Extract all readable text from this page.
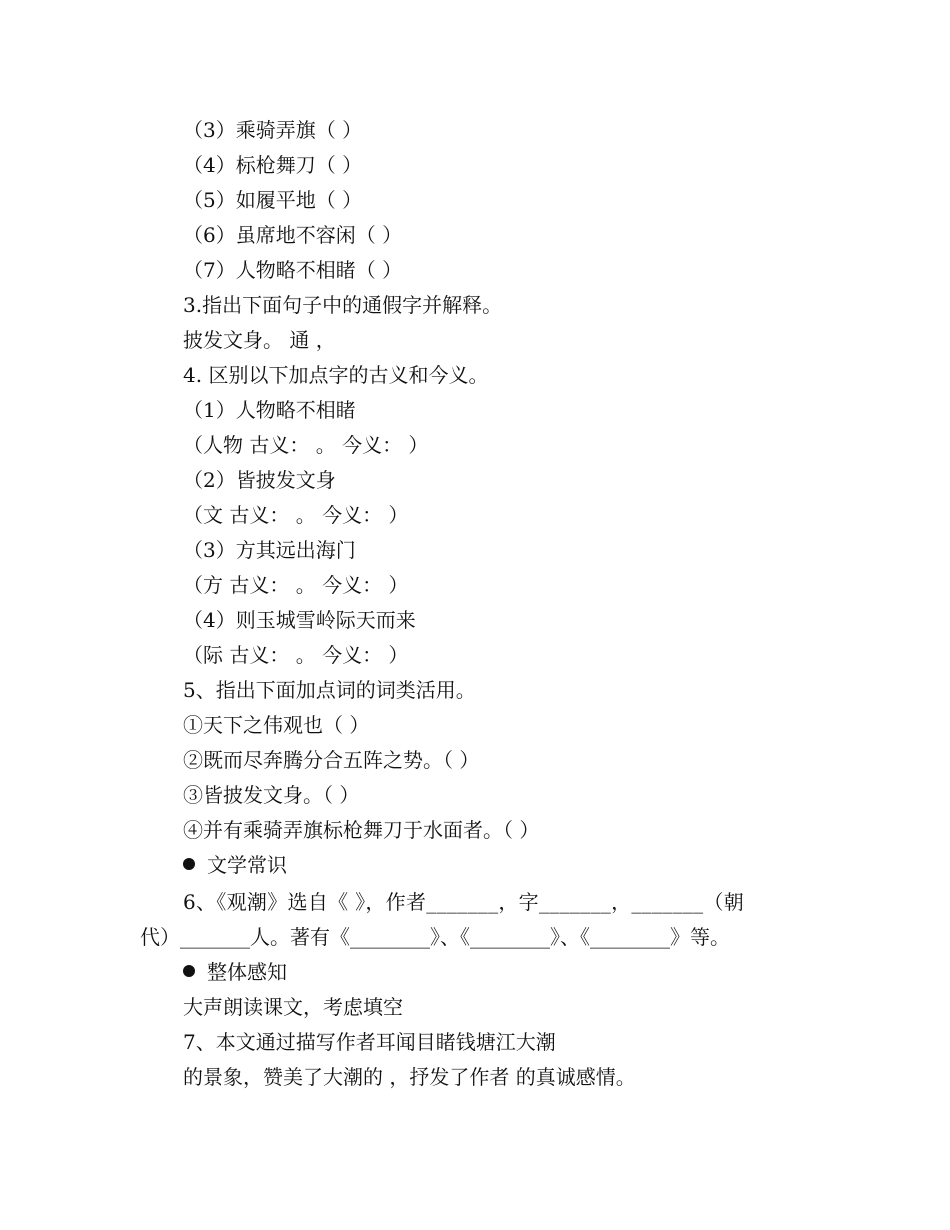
（3）乘骑弄旗（ ）
（4）标枪舞刀（ ）
（5）如履平地（ ）
（6）虽席地不容闲（ ）
（7）人物略不相睹（ ）
3.指出下面句子中的通假字并解释。
披发文身。 通 ，
4. 区别以下加点字的古义和今义。
（1）人物略不相睹
（人物 古义： 。 今义： ）
（2）皆披发文身
（文 古义： 。 今义： ）
（3）方其远出海门
（方 古义： 。 今义： ）
（4）则玉城雪岭际天而来
（际 古义： 。 今义： ）
5、指出下面加点词的词类活用。
①天下之伟观也（ ）
②既而尽奔腾分合五阵之势。（ ）
③皆披发文身。（ ）
④并有乘骑弄旗标枪舞刀于水面者。（ ）
文学常识
6、《观潮》选自《 》，作者_______，字_______，_______（朝
代）_______人。著有《________》、《________》、《________》等。
整体感知
大声朗读课文，考虑填空
7、本文通过描写作者耳闻目睹钱塘江大潮
的景象，赞美了大潮的 ，抒发了作者 的真诚感情。
